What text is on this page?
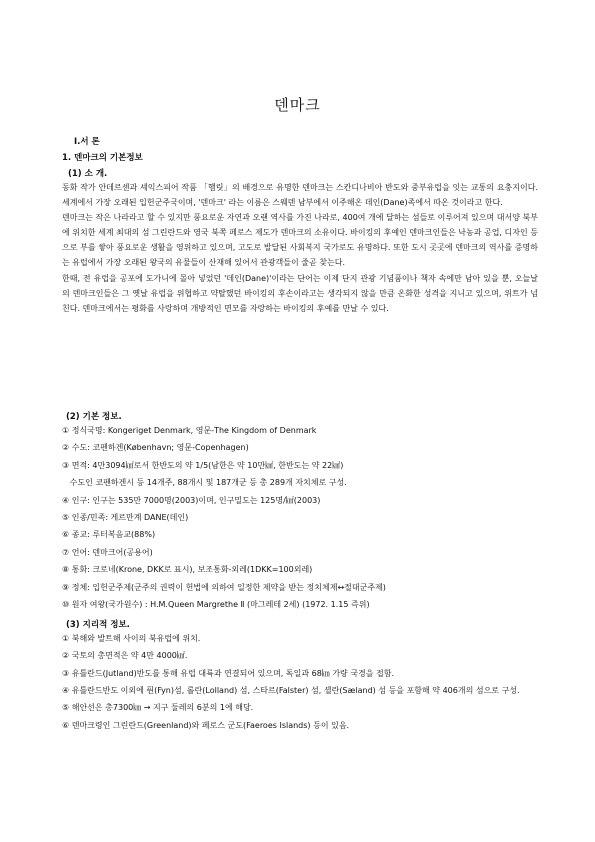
덴마크
Ⅰ.서 론
1. 덴마크의 기본정보
(1) 소 개.

동화 작가 안데르센과 셰익스피어 작품 「햄릿」의 배경으로 유명한 덴마크는 스칸디나비아 반도와 중부유럽을 잇는 교통의 요충지이다. 세계에서 가장 오래된 입헌군주국이며, '덴마크' 라는 이름은 스웨덴 남부에서 이주해온 데인(Dane)족에서 따온 것이라고 한다.

덴마크는 작은 나라라고 할 수 있지만 풍요로운 자연과 오랜 역사를 가진 나라로, 400여 개에 달하는 섬들로 이루어져 있으며 대서양 북부에 위치한 세계 최대의 섬 그린란드와 영국 북쪽 페로스 제도가 덴마크의 소유이다. 바이킹의 후예인 덴마크인들은 낙농과 공업, 디자인 등으로 부를 쌓아 풍요로운 생활을 영위하고 있으며, 고도로 발달된 사회복지 국가로도 유명하다. 또한 도시 곳곳에 덴마크의 역사를 증명하는 유럽에서 가장 오래된 왕국의 유물들이 산재해 있어서 관광객들이 줄곧 찾는다.

한때, 전 유럽을 공포에 도가니에 몰아 넣었던 '데인(Dane)'이라는 단어는 이제 단지 관광 기념품이나 책자 속에만 남아 있을 뿐, 오늘날의 덴마크인들은 그 옛날 유럽을 위협하고 약탈했던 바이킹의 후손이라고는 생각되지 않을 만큼 온화한 성격을 지니고 있으며, 위트가 넘친다. 덴마크에서는 평화를 사랑하며 개방적인 면모를 자랑하는 바이킹의 후예를 만날 수 있다.

(2) 기본 정보.
① 정식국명: Kongeriget Denmark, 영문-The Kingdom of Denmark
② 수도: 코펜하겐(København; 영문-Copenhagen)
③ 면적: 4만3094㎢로서 한반도의 약 1/5(남한은 약 10만㎢, 한반도는 약 22㎢)
수도인 코펜하겐시 등 14개주, 88개시 및 187개군 등 총 289개 자치체로 구성.
④ 인구: 인구는 535만 7000명(2003)이며, 인구밀도는 125명/㎢(2003)
⑤ 인종/민족: 게르만계 DANE(데인)
⑥ 종교: 루터복음교(88%)
⑦ 언어: 덴마크어(공용어)
⑧ 통화: 크로네(Krone, DKK로 표시), 보조통화-외레(1DKK=100외레)
⑨ 정체: 입헌군주제(군주의 권력이 헌법에 의하여 일정한 제약을 받는 정치체제↔절대군주제)
⑩ 원자 여왕(국가원수) : H.M.Queen Margrethe Ⅱ (마그레테 2세) (1972. 1.15 즉위)
(3) 지리적 정보.
① 북해와 발트해 사이의 북유럽에 위치.
② 국토의 총면적은 약 4만 4000㎢.
③ 유틀란드(Jutland)반도를 통해 유럽 대륙과 연결되어 있으며, 독일과 68㎞ 가량 국경을 접함.
④ 유틀란드반도 이외에 퓐(Fyn)섬, 롤란(Lolland) 섬, 스타르(Falster) 섬, 셸란(Sæland) 섬 등을 포함해 약 406개의 섬으로 구성.
⑤ 해안선은 총7300㎞ → 지구 둘레의 6분의 1에 해당.
⑥ 덴마크령인 그린란드(Greenland)와 페로스 군도(Faeroes Islands) 등이 있음.
